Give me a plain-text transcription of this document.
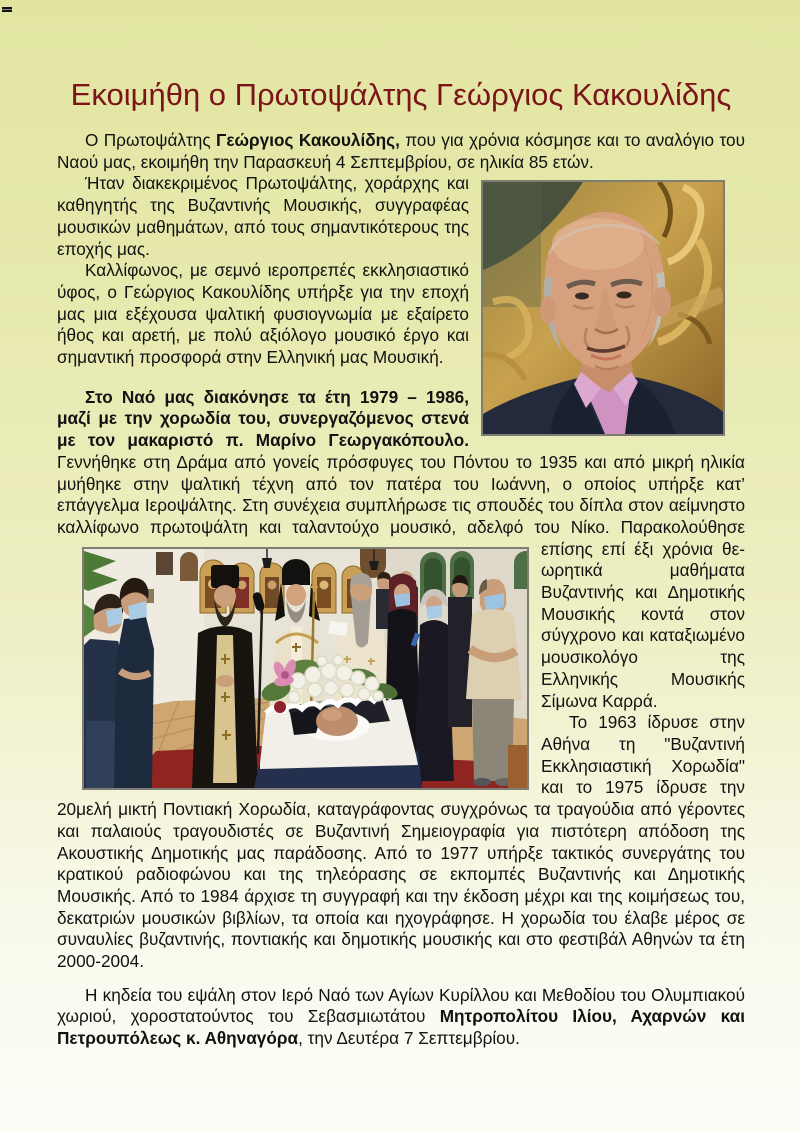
Εκοιμήθη ο Πρωτοψάλτης Γεώργιος Κακουλίδης

Ο Πρωτοψάλτης Γεώργιος Κακουλίδης, που για χρόνια κόσμησε και το αναλόγιο του Ναού μας, εκοιμήθη την Παρασκευή 4 Σεπτεμβρίου, σε ηλικία 85 ετών.

Ήταν διακεκριμένος Πρωτοψάλτης, χοράρχης και καθηγητής της Βυζαντινής Μουσικής, συγγραφέας μουσικών μαθημάτων, από τους σημαντικότερους της εποχής μας.

Καλλίφωνος, με σεμνό ιεροπρεπές εκκλησιαστικό ύφος, ο Γεώργιος Κακουλίδης υπήρξε για την εποχή μας μια εξέχουσα ψαλτική φυσιογνωμία με εξαίρετο ήθος και αρετή, με πολύ αξιόλογο μουσικό έργο και σημαντική προσφορά στην Ελληνική μας Μουσική.

Στο Ναό μας διακόνησε τα έτη 1979 – 1986, μαζί με την χορωδία του, συνεργαζόμενος στενά με τον μακαριστό π. Μαρίνο Γεωργακόπουλο. Γεννήθηκε στη Δράμα από γονείς πρόσφυγες του Πόντου το 1935 και από μικρή ηλικία μυήθηκε στην ψαλτική τέχνη από τον πατέρα του Ιωάννη, ο οποίος υπήρξε κατ’ επάγγελμα Ιεροψάλτης. Στη συνέχεια συμπλήρωσε τις σπουδές του δίπλα στον αείμνηστο καλλίφωνο πρωτοψάλτη και ταλαντούχο μουσικό, αδελφό του Νίκο. Παρακολούθησε επίσης επί έξι χρόνια θε-
ωρητικά μαθήματα Βυζαντινής και Δημοτικής Μουσικής κοντά στον σύγχρονο και καταξιωμένο μουσικολόγο της Ελληνικής Μουσικής Σίμωνα Καρρά.

Το 1963 ίδρυσε στην Αθήνα τη "Βυζαντινή Εκκλησιαστική Χορωδία" και το 1975 ίδρυσε την 20μελή μικτή Ποντιακή Χορωδία, καταγράφοντας συγχρόνως τα τραγούδια από γέροντες και παλαιούς τραγουδιστές σε Βυζαντινή Σημειογραφία για πιστότερη απόδοση της Ακουστικής Δημοτικής μας παράδοσης. Από το 1977 υπήρξε τακτικός συνεργάτης του κρατικού ραδιοφώνου και της τηλεόρασης σε εκπομπές Βυζαντινής και Δημοτικής Μουσικής. Από το 1984 άρχισε τη συγγραφή και την έκδοση μέχρι και της κοιμήσεως του, δεκατριών μουσικών βιβλίων, τα οποία και ηχογράφησε. Η χορωδία του έλαβε μέρος σε συναυλίες βυζαντινής, ποντιακής και δημοτικής μουσικής και στο φεστιβάλ Αθηνών τα έτη 2000-2004.

Η κηδεία του εψάλη στον Ιερό Ναό των Αγίων Κυρίλλου και Μεθοδίου του Ολυμπιακού χωριού, χοροστατούντος του Σεβασμιωτάτου Μητροπολίτου Ιλίου, Αχαρνών και Πετρουπόλεως κ. Αθηναγόρα, την Δευτέρα 7 Σεπτεμβρίου.
